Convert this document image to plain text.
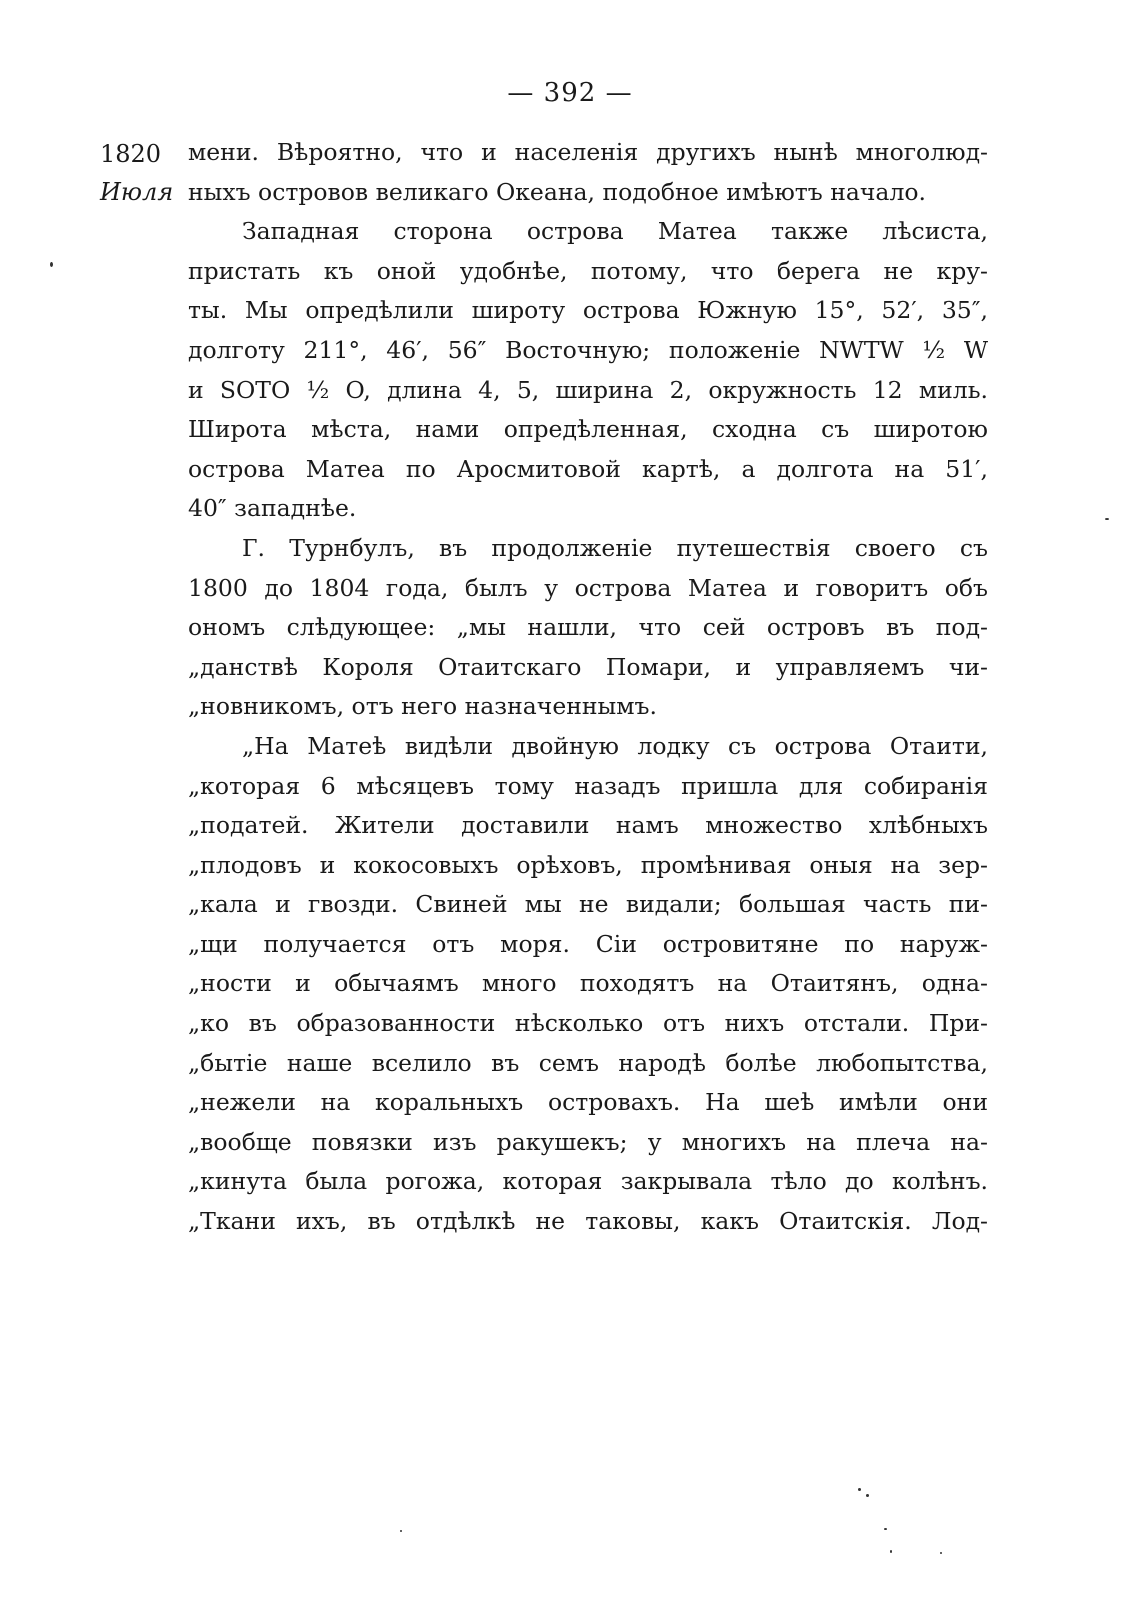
— 392 —
1820
Июля
мени. Вѣроятно, что и населенія другихъ нынѣ многолюд-
ныхъ островов великаго Океана, подобное имѣютъ начало.
Западная сторона острова Матеа также лѣсиста,
пристать къ оной удобнѣе, потому, что берега не кру-
ты. Мы опредѣлили широту острова Южную 15°, 52′, 35″,
долготу 211°, 46′, 56″ Восточную; положеніе NWTW ½ W
и SOTO ½ O, длина 4, 5, ширина 2, окружность 12 миль.
Широта мѣста, нами опредѣленная, сходна съ широтою
острова Матеа по Аросмитовой картѣ, а долгота на 51′,
40″ западнѣе.
Г. Турнбулъ, въ продолженіе путешествія своего съ
1800 до 1804 года, былъ у острова Матеа и говоритъ объ
ономъ слѣдующее: „мы нашли, что сей островъ въ под-
„данствѣ Короля Отаитскаго Помари, и управляемъ чи-
„новникомъ, отъ него назначеннымъ.
„На Матеѣ видѣли двойную лодку съ острова Отаити,
„которая 6 мѣсяцевъ тому назадъ пришла для собиранія
„податей. Жители доставили намъ множество хлѣбныхъ
„плодовъ и кокосовыхъ орѣховъ, промѣнивая оныя на зер-
„кала и гвозди. Свиней мы не видали; большая часть пи-
„щи получается отъ моря. Сіи островитяне по наруж-
„ности и обычаямъ много походятъ на Отаитянъ, одна-
„ко въ образованности нѣсколько отъ нихъ отстали. При-
„бытіе наше вселило въ семъ народѣ болѣе любопытства,
„нежели на коральныхъ островахъ. На шеѣ имѣли они
„вообще повязки изъ ракушекъ; у многихъ на плеча на-
„кинута была рогожа, которая закрывала тѣло до колѣнъ.
„Ткани ихъ, въ отдѣлкѣ не таковы, какъ Отаитскія. Лод-
